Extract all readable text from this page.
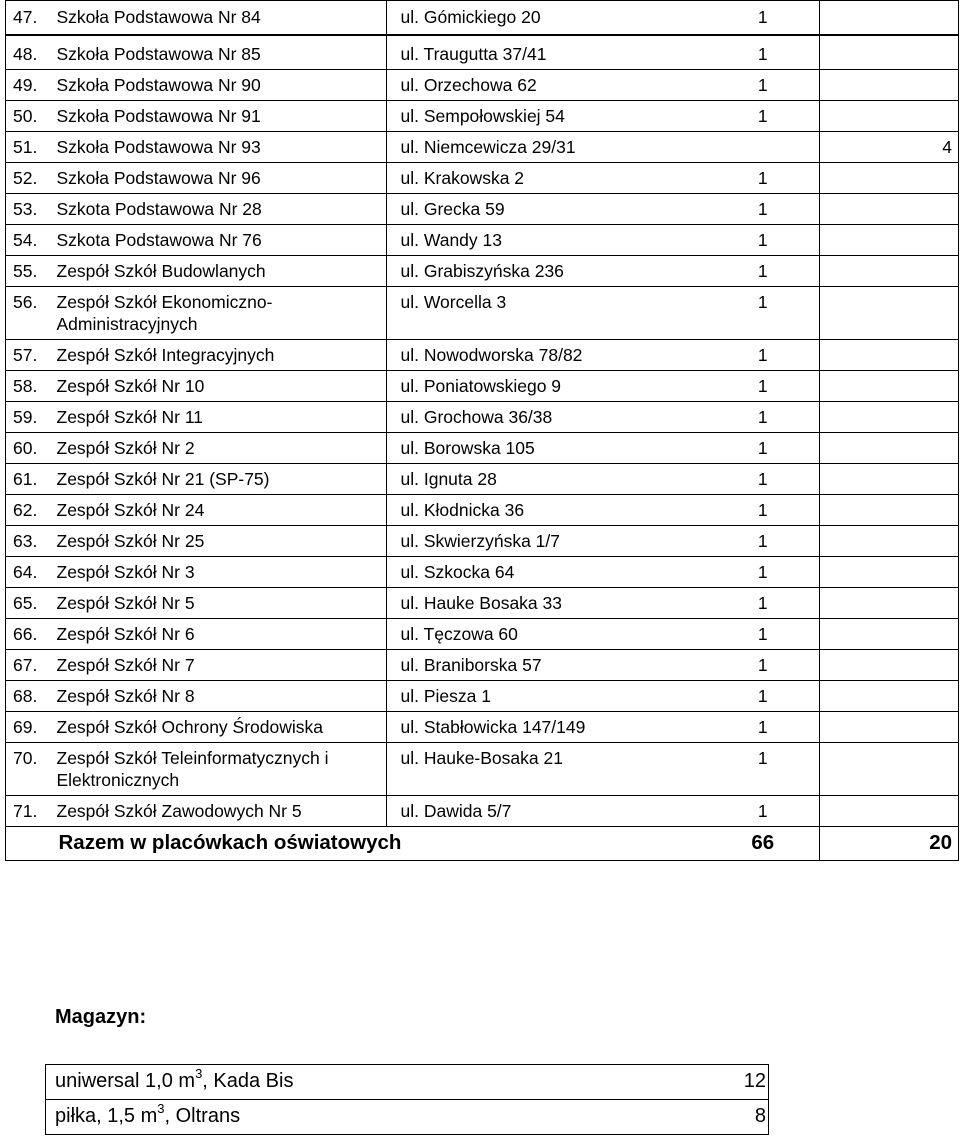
47.	Szkoła Podstawowa Nr 84		ul. Gómickiego 20	1	

48.	Szkoła Podstawowa Nr 85		ul. Traugutta 37/41	1	
49.	Szkoła Podstawowa Nr 90		ul. Orzechowa 62	1	
50.	Szkoła Podstawowa Nr 91		ul. Sempołowskiej 54	1	
51.	Szkoła Podstawowa Nr 93		ul. Niemcewicza 29/31		4
52.	Szkoła Podstawowa Nr 96		ul. Krakowska 2	1	
53.	Szkota Podstawowa Nr 28		ul. Grecka 59	1	
54.	Szkota Podstawowa Nr 76		ul. Wandy 13	1	
55.	Zespół Szkół Budowlanych		ul. Grabiszyńska 236	1	
56.	Zespół Szkół Ekonomiczno- Administracyjnych		ul. Worcella 3	1	
57.	Zespół Szkół Integracyjnych		ul. Nowodworska 78/82	1	
58.	Zespół Szkół Nr 10		ul. Poniatowskiego 9	1	
59.	Zespół Szkół Nr 11		ul. Grochowa 36/38	1	
60.	Zespół Szkół Nr 2		ul. Borowska 105	1	
61.	Zespół Szkół Nr 21 (SP-75)		ul. Ignuta 28	1	
62.	Zespół Szkół Nr 24		ul. Kłodnicka 36	1	
63.	Zespół Szkół Nr 25		ul. Skwierzyńska 1/7	1	
64.	Zespół Szkół Nr 3		ul. Szkocka 64	1	
65.	Zespół Szkół Nr 5		ul. Hauke Bosaka 33	1	
66.	Zespół Szkół Nr 6		ul. Tęczowa 60	1	
67.	Zespół Szkół Nr 7		ul. Braniborska 57	1	
68.	Zespół Szkół Nr 8		ul. Piesza 1	1	
69.	Zespół Szkół Ochrony Środowiska		ul. Stabłowicka 147/149	1	
70.	Zespół Szkół Teleinformatycznych i Elektronicznych		ul. Hauke-Bosaka 21	1	
71.	Zespół Szkół Zawodowych Nr 5		ul. Dawida 5/7	1	
	Razem w placówkach oświatowych			66	20
Magazyn:
uniwersal 1,0 $m^3$, Kada Bis	12
piłka, 1,5 $m^3$, Oltrans	8
